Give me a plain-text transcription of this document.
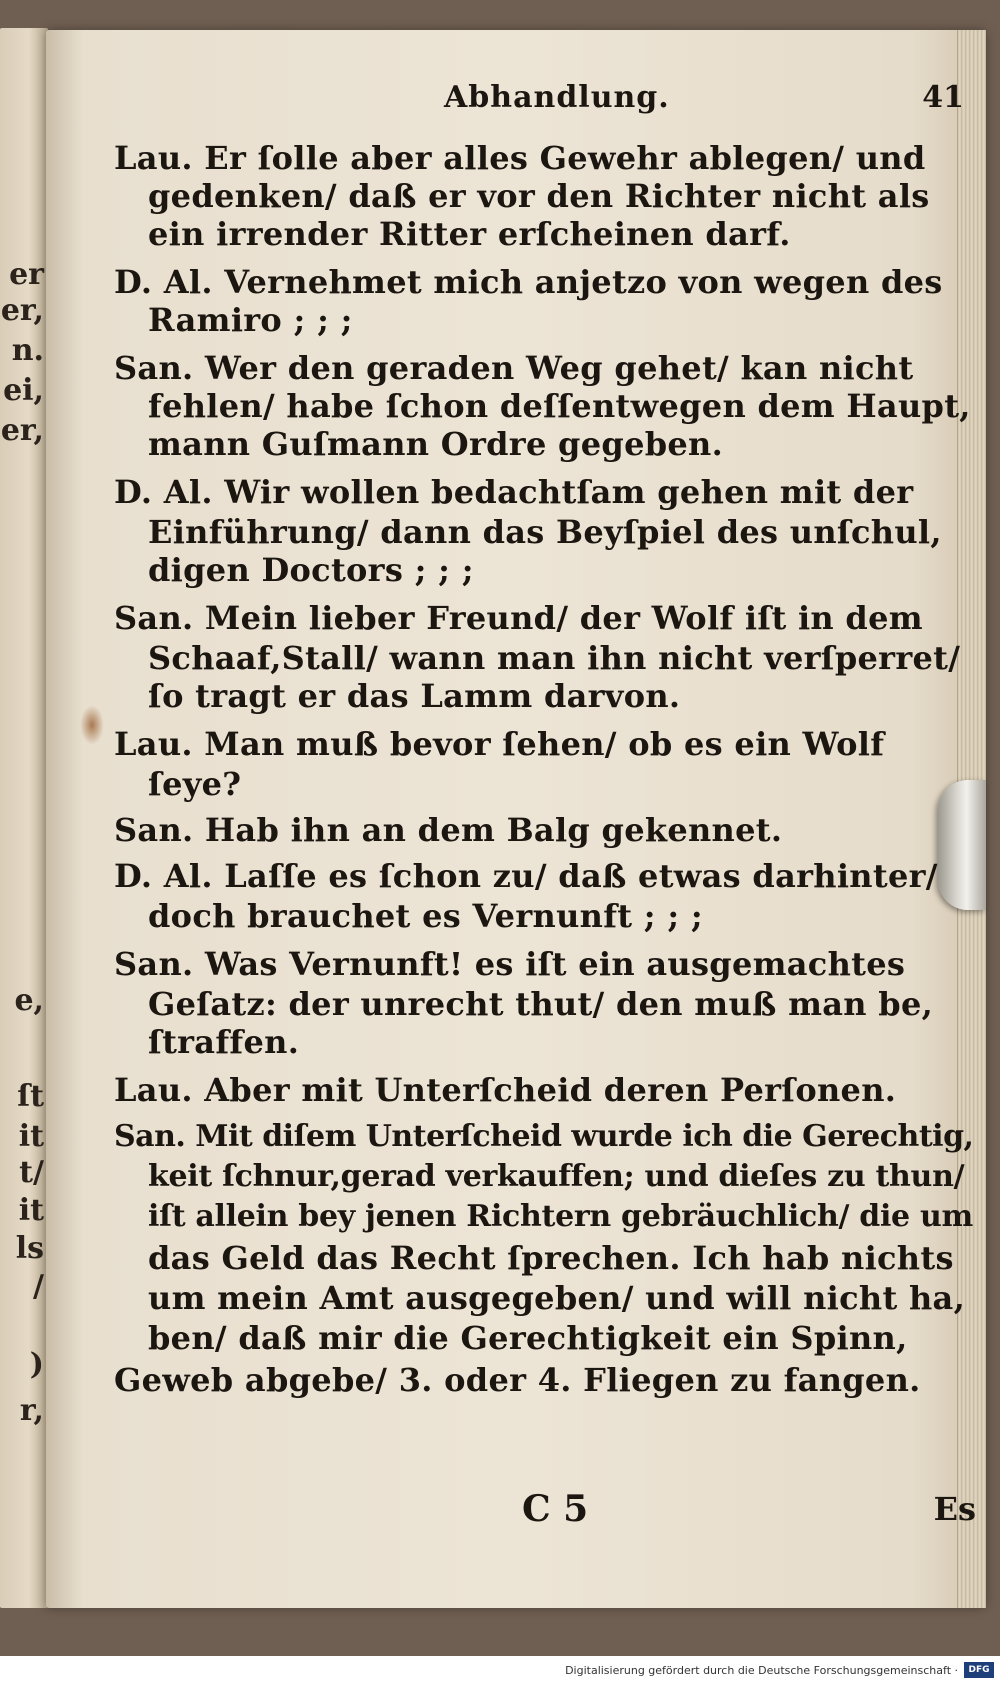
er
er,
n.
ei,
er,
e,
ſt
it
t/
it
ls
/
)
r,
Abhandlung.	41
Lau. Er ſolle aber alles Gewehr ablegen/ und
gedenken/ daß er vor den Richter nicht als
ein irrender Ritter erſcheinen darf.
D. Al. Vernehmet mich anjetzo von wegen des
Ramiro ; ; ;
San. Wer den geraden Weg gehet/ kan nicht
fehlen/ habe ſchon deſſentwegen dem Haupt,
mann Guſmann Ordre gegeben.
D. Al. Wir wollen bedachtſam gehen mit der
Einführung/ dann das Beyſpiel des unſchul,
digen Doctors ; ; ;
San. Mein lieber Freund/ der Wolf iſt in dem
Schaaf,Stall/ wann man ihn nicht verſperret/
ſo tragt er das Lamm darvon.
Lau. Man muß bevor ſehen/ ob es ein Wolf
ſeye?
San. Hab ihn an dem Balg gekennet.
D. Al. Laſſe es ſchon zu/ daß etwas darhinter/
doch brauchet es Vernunft ; ; ;
San. Was Vernunft! es iſt ein ausgemachtes
Geſatz: der unrecht thut/ den muß man be,
ſtraffen.
Lau. Aber mit Unterſcheid deren Perſonen.
San. Mit diſem Unterſcheid wurde ich die Gerechtig,
keit ſchnur,gerad verkauffen; und dieſes zu thun/
iſt allein bey jenen Richtern gebräuchlich/ die um
das Geld das Recht ſprechen. Ich hab nichts
um mein Amt ausgegeben/ und will nicht ha,
ben/ daß mir die Gerechtigkeit ein Spinn,
Geweb abgebe/ 3. oder 4. Fliegen zu fangen.
C 5	Es
Digitalisierung gefördert durch die Deutsche Forschungsgemeinschaft ·	DFG
